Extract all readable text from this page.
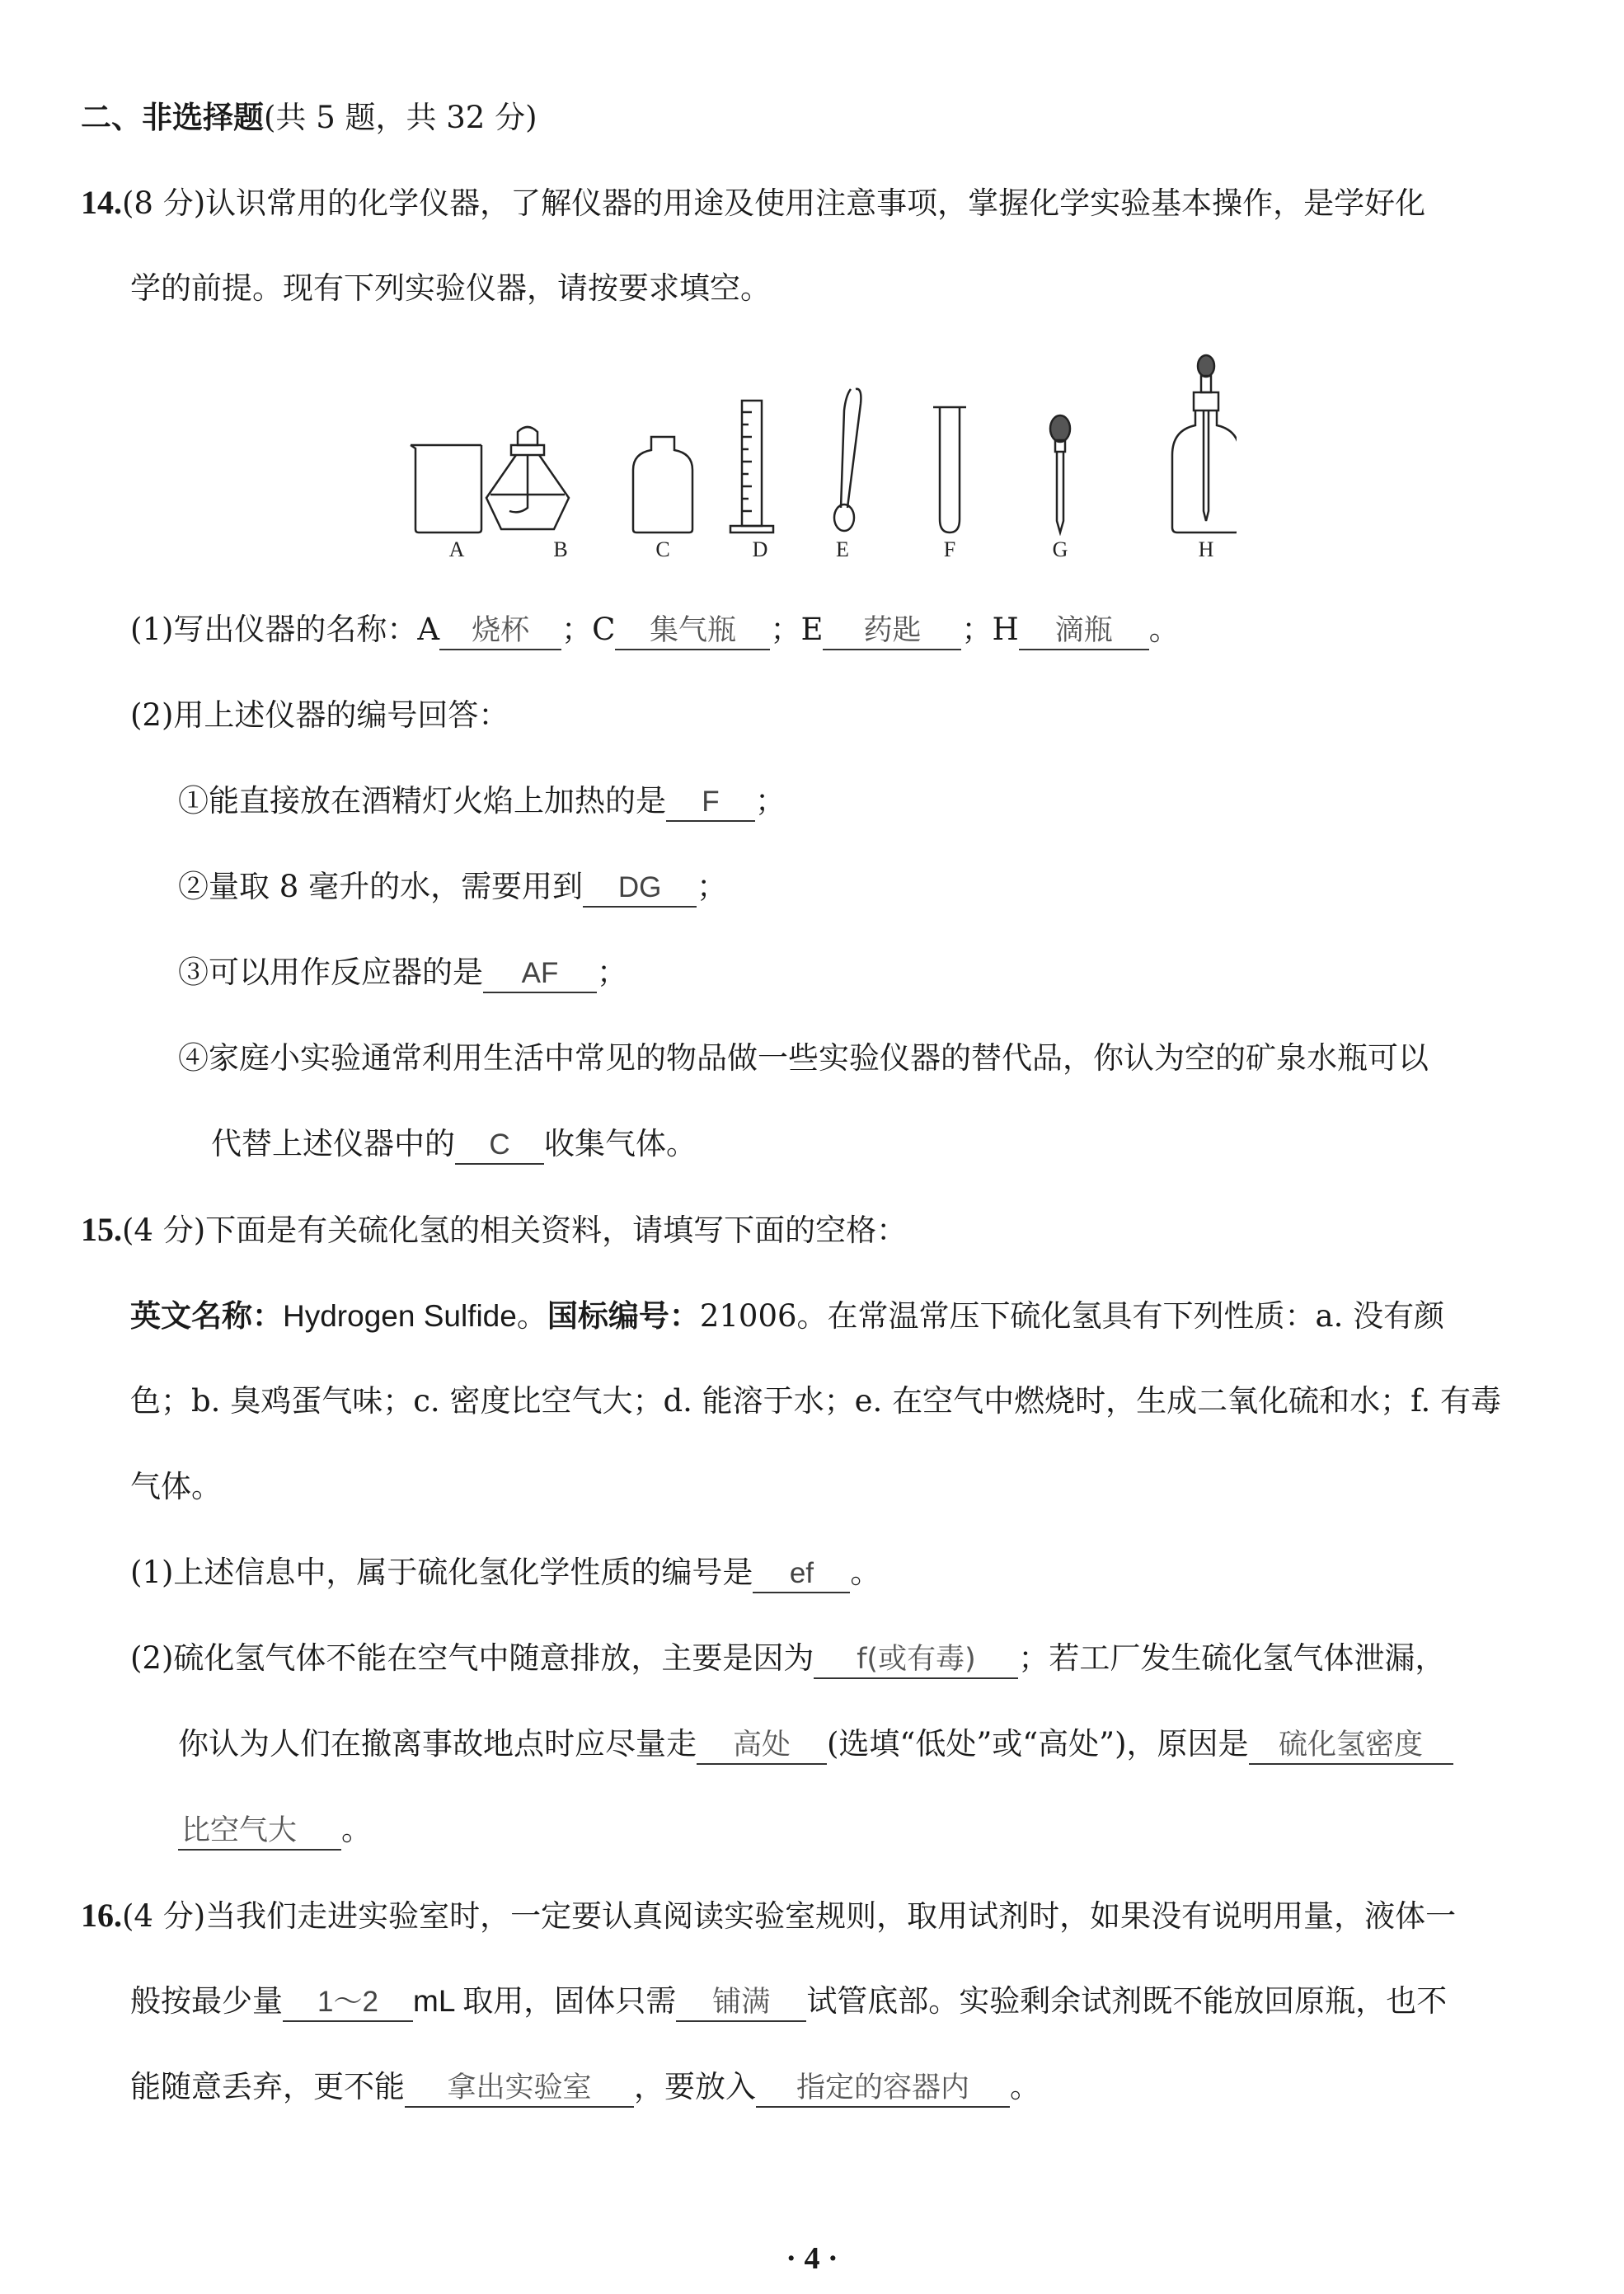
二、非选择题(共 5 题，共 32 分)
14.(8 分)认识常用的化学仪器，了解仪器的用途及使用注意事项，掌握化学实验基本操作，是学好化
学的前提。现有下列实验仪器，请按要求填空。
A	B	C	D	E	F	G	H
(1)写出仪器的名称：A 烧杯 ；C 集气瓶 ；E 药匙 ；H 滴瓶 。
(2)用上述仪器的编号回答：
①能直接放在酒精灯火焰上加热的是 F ；
②量取 8 毫升的水，需要用到 DG ；
③可以用作反应器的是 AF ；
④家庭小实验通常利用生活中常见的物品做一些实验仪器的替代品，你认为空的矿泉水瓶可以
代替上述仪器中的 C 收集气体。
15.(4 分)下面是有关硫化氢的相关资料，请填写下面的空格：
英文名称：Hydrogen Sulfide。国标编号：21006。在常温常压下硫化氢具有下列性质：a. 没有颜
色；b. 臭鸡蛋气味；c. 密度比空气大；d. 能溶于水；e. 在空气中燃烧时，生成二氧化硫和水；f. 有毒
气体。
(1)上述信息中，属于硫化氢化学性质的编号是 ef 。
(2)硫化氢气体不能在空气中随意排放，主要是因为 f(或有毒) ；若工厂发生硫化氢气体泄漏，
你认为人们在撤离事故地点时应尽量走 高处 (选填“低处”或“高处”)，原因是 硫化氢密度
比空气大 。
16.(4 分)当我们走进实验室时，一定要认真阅读实验室规则，取用试剂时，如果没有说明用量，液体一
般按最少量 1～2 mL 取用，固体只需 铺满 试管底部。实验剩余试剂既不能放回原瓶，也不
能随意丢弃，更不能 拿出实验室 ，要放入 指定的容器内 。
· 4 ·
